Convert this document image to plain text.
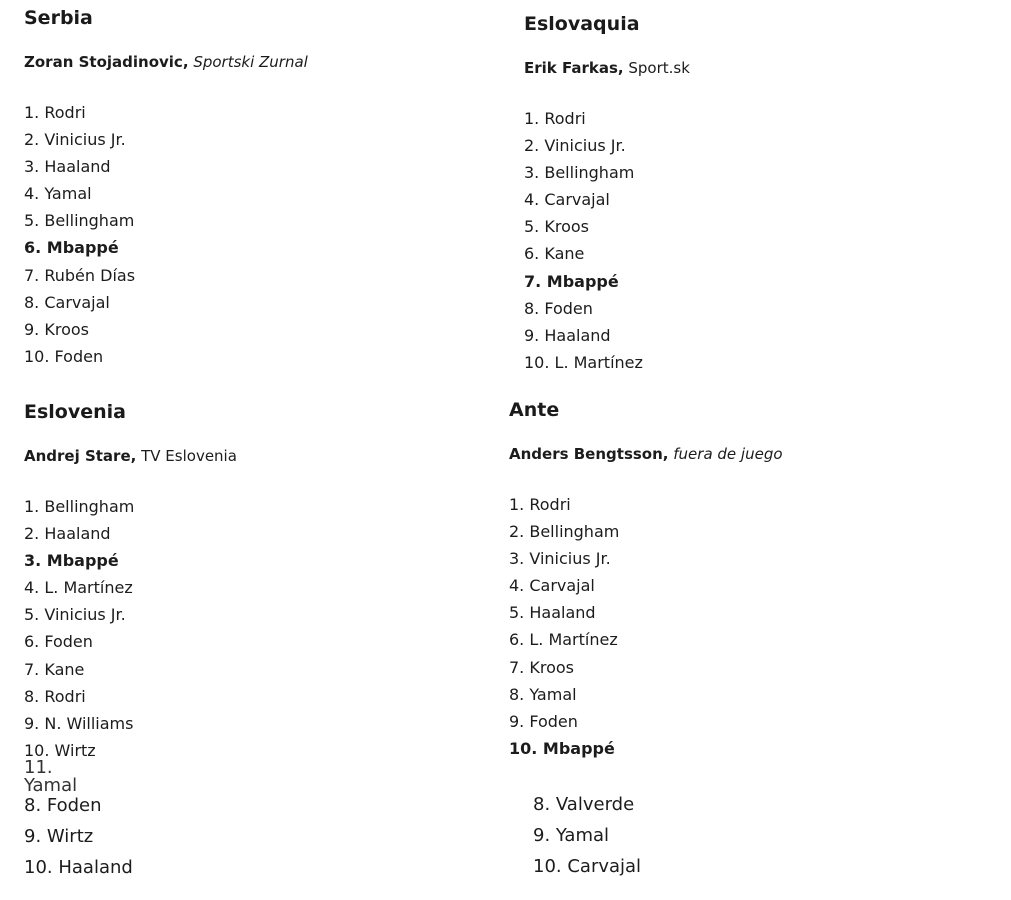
Serbia

Zoran Stojadinovic, Sportski Zurnal

1. Rodri
2. Vinicius Jr.
3. Haaland
4. Yamal
5. Bellingham
6. Mbappé
7. Rubén Días
8. Carvajal
9. Kroos
10. Foden
Eslovaquia

Erik Farkas, Sport.sk

1. Rodri
2. Vinicius Jr.
3. Bellingham
4. Carvajal
5. Kroos
6. Kane
7. Mbappé
8. Foden
9. Haaland
10. L. Martínez
Eslovenia

Andrej Stare, TV Eslovenia

1. Bellingham
2. Haaland
3. Mbappé
4. L. Martínez
5. Vinicius Jr.
6. Foden
7. Kane
8. Rodri
9. N. Williams
10. Wirtz
Ante

Anders Bengtsson, fuera de juego

1. Rodri
2. Bellingham
3. Vinicius Jr.
4. Carvajal
5. Haaland
6. L. Martínez
7. Kroos
8. Yamal
9. Foden
10. Mbappé
11. Yamal
8. Foden
9. Wirtz
10. Haaland
8. Valverde
9. Yamal
10. Carvajal
